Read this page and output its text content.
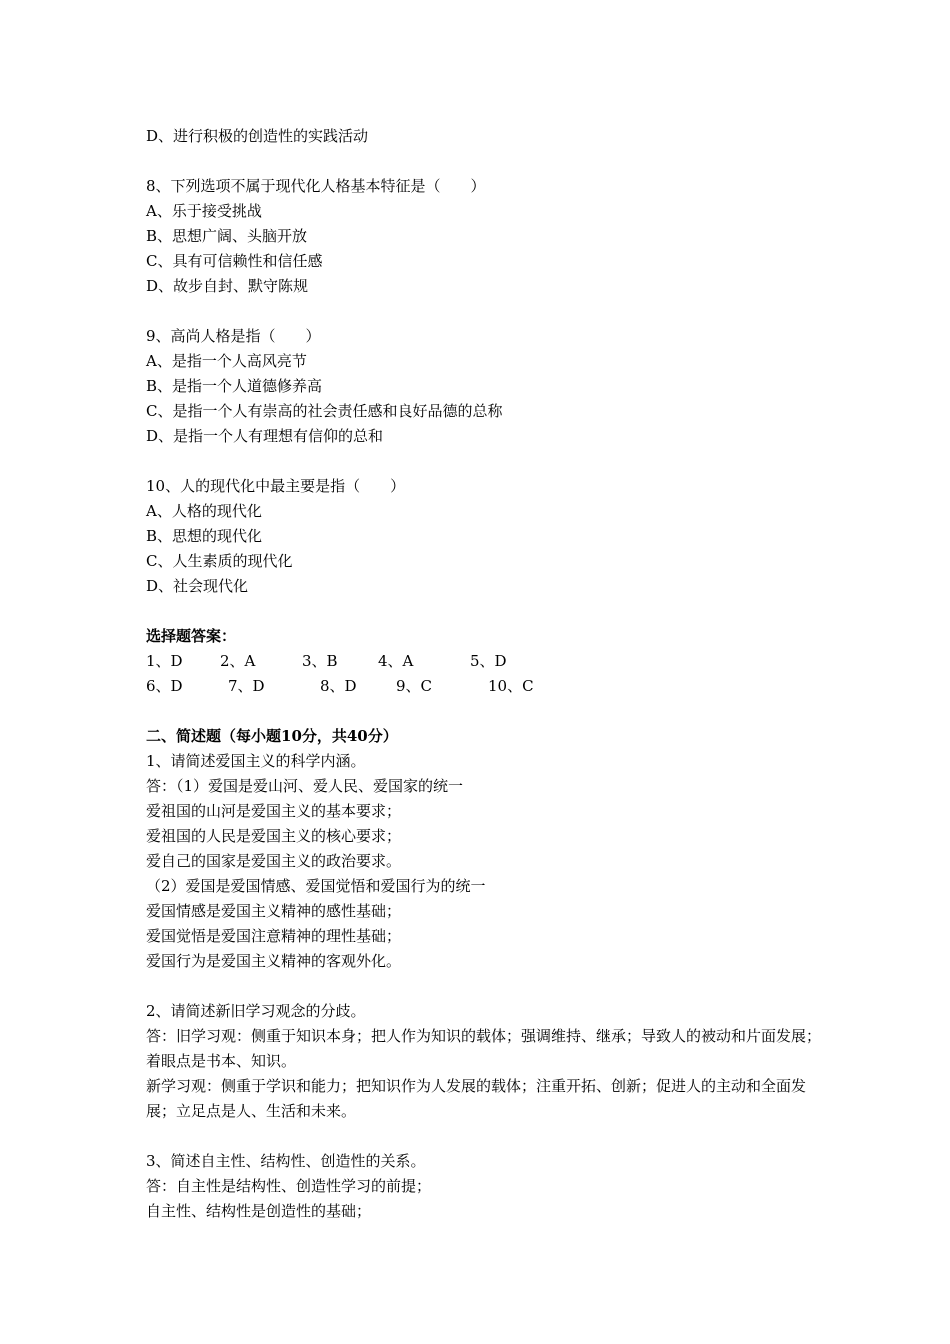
D、进行积极的创造性的实践活动
8、下列选项不属于现代化人格基本特征是（　　）
A、乐于接受挑战
B、思想广阔、头脑开放
C、具有可信赖性和信任感
D、故步自封、默守陈规
9、高尚人格是指（　　）
A、是指一个人高风亮节
B、是指一个人道德修养高
C、是指一个人有崇高的社会责任感和良好品德的总称
D、是指一个人有理想有信仰的总和
10、人的现代化中最主要是指（　　）
A、人格的现代化
B、思想的现代化
C、人生素质的现代化
D、社会现代化
选择题答案：
1、D	2、A	3、B	4、A	5、D
6、D	7、D	8、D	9、C	10、C
二、简述题（每小题10分，共40分）
1、请简述爱国主义的科学内涵。
答：（1）爱国是爱山河、爱人民、爱国家的统一
爱祖国的山河是爱国主义的基本要求；
爱祖国的人民是爱国主义的核心要求；
爱自己的国家是爱国主义的政治要求。
（2）爱国是爱国情感、爱国觉悟和爱国行为的统一
爱国情感是爱国主义精神的感性基础；
爱国觉悟是爱国注意精神的理性基础；
爱国行为是爱国主义精神的客观外化。
2、请简述新旧学习观念的分歧。
答：旧学习观：侧重于知识本身；把人作为知识的载体；强调维持、继承；导致人的被动和片面发展；着眼点是书本、知识。
新学习观：侧重于学识和能力；把知识作为人发展的载体；注重开拓、创新；促进人的主动和全面发展；立足点是人、生活和未来。
3、简述自主性、结构性、创造性的关系。
答：自主性是结构性、创造性学习的前提；
自主性、结构性是创造性的基础；
